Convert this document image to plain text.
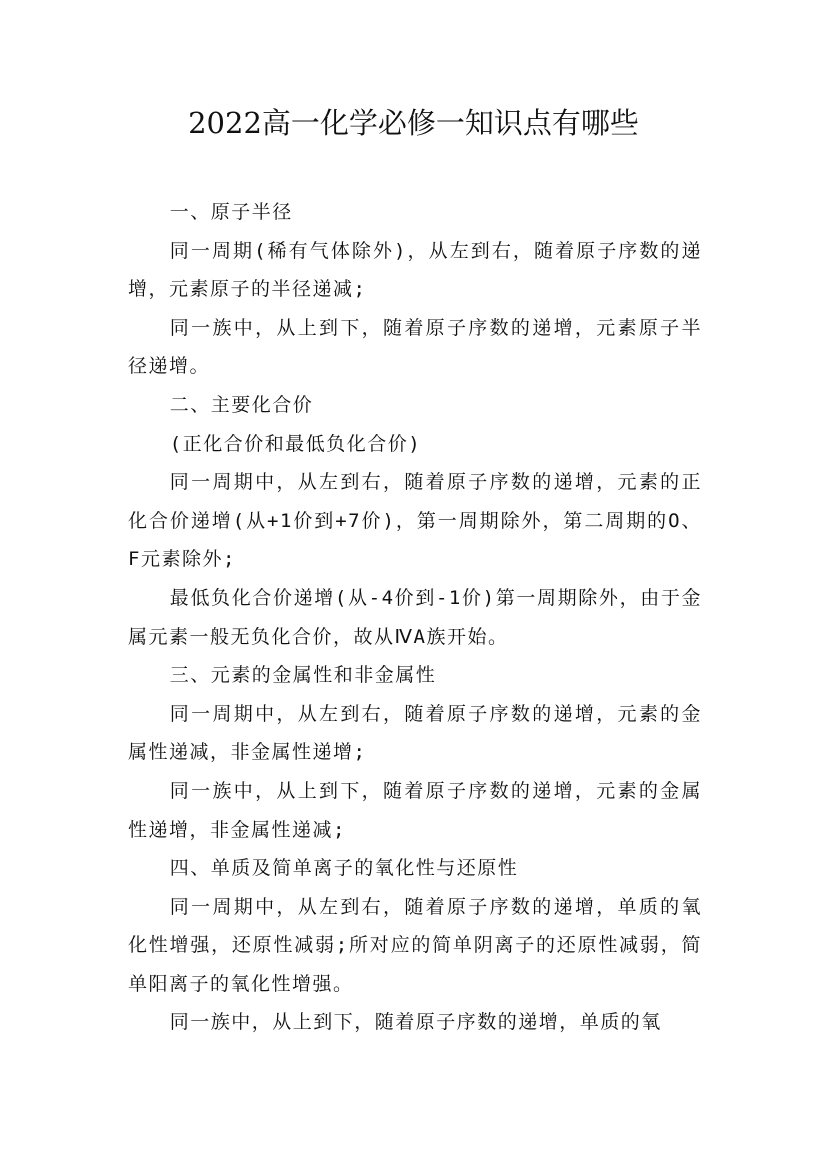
2022高一化学必修一知识点有哪些

一、原子半径

同一周期(稀有气体除外)，从左到右，随着原子序数的递增，元素原子的半径递减;

同一族中，从上到下，随着原子序数的递增，元素原子半径递增。

二、主要化合价

(正化合价和最低负化合价)

同一周期中，从左到右，随着原子序数的递增，元素的正化合价递增(从+1价到+7价)，第一周期除外，第二周期的O、F元素除外;

最低负化合价递增(从-4价到-1价)第一周期除外，由于金属元素一般无负化合价，故从ⅣA族开始。

三、元素的金属性和非金属性

同一周期中，从左到右，随着原子序数的递增，元素的金属性递减，非金属性递增;

同一族中，从上到下，随着原子序数的递增，元素的金属性递增，非金属性递减;

四、单质及简单离子的氧化性与还原性

同一周期中，从左到右，随着原子序数的递增，单质的氧化性增强，还原性减弱;所对应的简单阴离子的还原性减弱，简单阳离子的氧化性增强。

同一族中，从上到下，随着原子序数的递增，单质的氧
